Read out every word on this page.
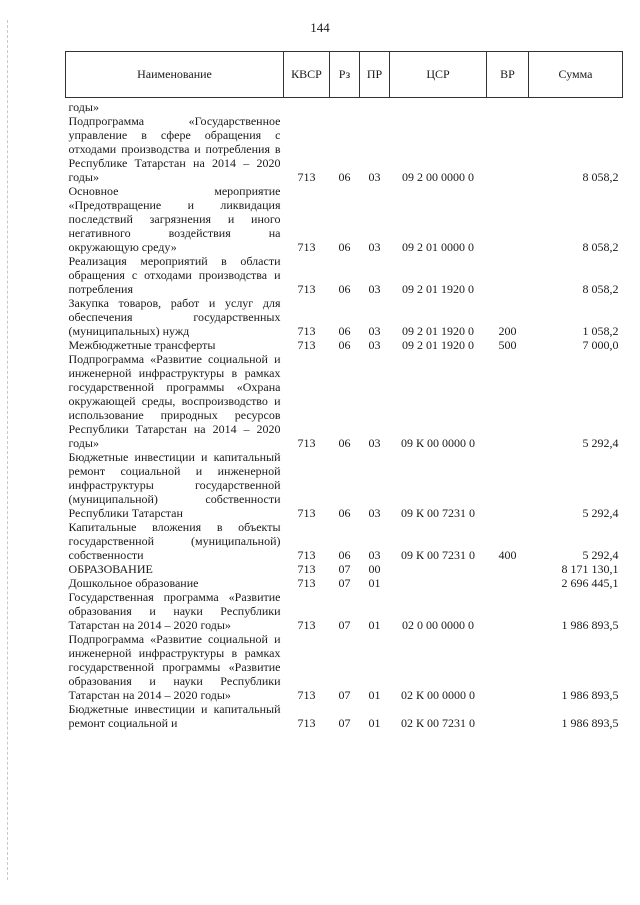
144
Наименование	КВСР	Рз	ПР	ЦСР	ВР	Сумма
годы»						
Подпрограмма «Государственное управление в сфере обращения с отходами производства и потребления в Республике Татарстан на 2014 – 2020 годы»	713	06	03	09 2 00 0000 0		8 058,2
Основное мероприятие «Предотвращение и ликвидация последствий загрязнения и иного негативного воздействия на окружающую среду»	713	06	03	09 2 01 0000 0		8 058,2
Реализация мероприятий в области обращения с отходами производства и потребления	713	06	03	09 2 01 1920 0		8 058,2
Закупка товаров, работ и услуг для обеспечения государственных (муниципальных) нужд	713	06	03	09 2 01 1920 0	200	1 058,2
Межбюджетные трансферты	713	06	03	09 2 01 1920 0	500	7 000,0
Подпрограмма «Развитие социальной и инженерной инфраструктуры в рамках государственной программы «Охрана окружающей среды, воспроизводство и использование природных ресурсов Республики Татарстан на 2014 – 2020 годы»	713	06	03	09 К 00 0000 0		5 292,4
Бюджетные инвестиции и капитальный ремонт социальной и инженерной инфраструктуры государственной (муниципальной) собственности Республики Татарстан	713	06	03	09 К 00 7231 0		5 292,4
Капитальные вложения в объекты государственной (муниципальной) собственности	713	06	03	09 К 00 7231 0	400	5 292,4
ОБРАЗОВАНИЕ	713	07	00			8 171 130,1
Дошкольное образование	713	07	01			2 696 445,1
Государственная программа «Развитие образования и науки Республики Татарстан на 2014 – 2020 годы»	713	07	01	02 0 00 0000 0		1 986 893,5
Подпрограмма «Развитие социальной и инженерной инфраструктуры в рамках государственной программы «Развитие образования и науки Республики Татарстан на 2014 – 2020 годы»	713	07	01	02 К 00 0000 0		1 986 893,5
Бюджетные инвестиции и капитальный ремонт социальной и	713	07	01	02 К 00 7231 0		1 986 893,5
